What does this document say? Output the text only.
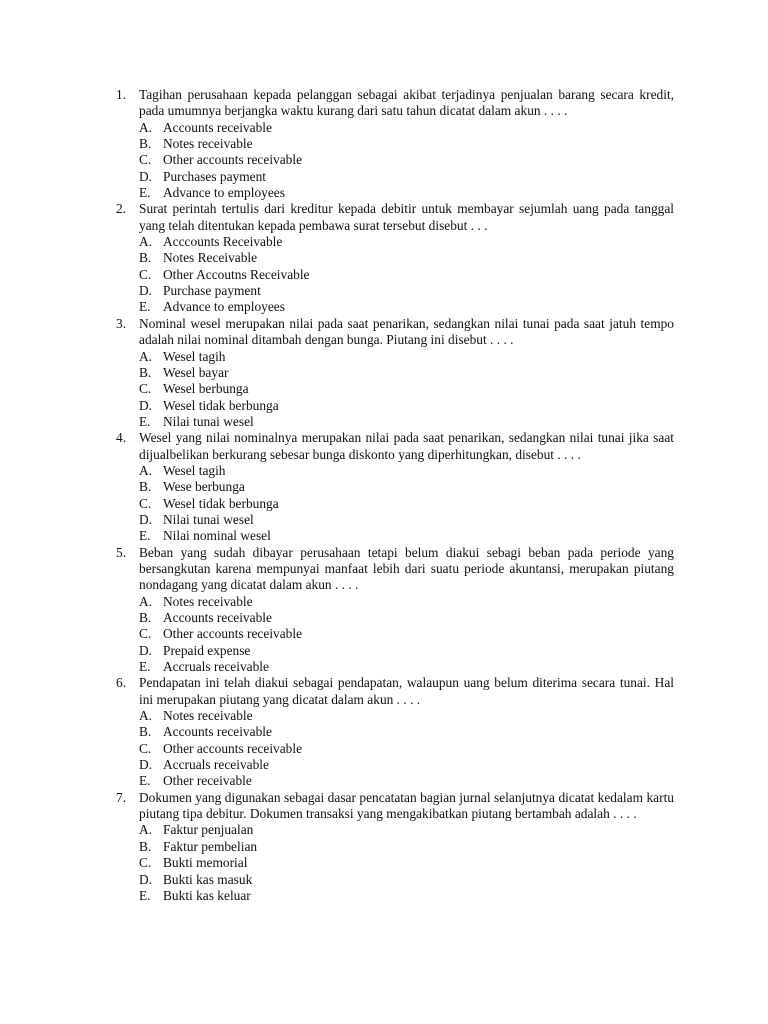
1. Tagihan perusahaan kepada pelanggan sebagai akibat terjadinya penjualan barang secara kredit, pada umumnya berjangka waktu kurang dari satu tahun dicatat dalam akun . . . .
A. Accounts receivable
B. Notes receivable
C. Other accounts receivable
D. Purchases payment
E. Advance to employees
2. Surat perintah tertulis dari kreditur kepada debitir untuk membayar sejumlah uang pada tanggal yang telah ditentukan kepada pembawa surat tersebut disebut . . .
A. Acccounts Receivable
B. Notes Receivable
C. Other Accoutns Receivable
D. Purchase payment
E. Advance to employees
3. Nominal wesel merupakan nilai pada saat penarikan, sedangkan nilai tunai pada saat jatuh tempo adalah nilai nominal ditambah dengan bunga. Piutang ini disebut . . . .
A. Wesel tagih
B. Wesel bayar
C. Wesel berbunga
D. Wesel tidak berbunga
E. Nilai tunai wesel
4. Wesel yang nilai nominalnya merupakan nilai pada saat penarikan, sedangkan nilai tunai jika saat dijualbelikan berkurang sebesar bunga diskonto yang diperhitungkan, disebut . . . .
A. Wesel tagih
B. Wese berbunga
C. Wesel tidak berbunga
D. Nilai tunai wesel
E. Nilai nominal wesel
5. Beban yang sudah dibayar perusahaan tetapi belum diakui sebagi beban pada periode yang bersangkutan karena mempunyai manfaat lebih dari suatu periode akuntansi, merupakan piutang nondagang yang dicatat dalam akun . . . .
A. Notes receivable
B. Accounts receivable
C. Other accounts receivable
D. Prepaid expense
E. Accruals receivable
6. Pendapatan ini telah diakui sebagai pendapatan, walaupun uang belum diterima secara tunai. Hal ini merupakan piutang yang dicatat dalam akun . . . .
A. Notes receivable
B. Accounts receivable
C. Other accounts receivable
D. Accruals receivable
E. Other receivable
7. Dokumen yang digunakan sebagai dasar pencatatan bagian jurnal selanjutnya dicatat kedalam kartu piutang tipa debitur. Dokumen transaksi yang mengakibatkan piutang bertambah adalah . . . .
A. Faktur penjualan
B. Faktur pembelian
C. Bukti memorial
D. Bukti kas masuk
E. Bukti kas keluar
